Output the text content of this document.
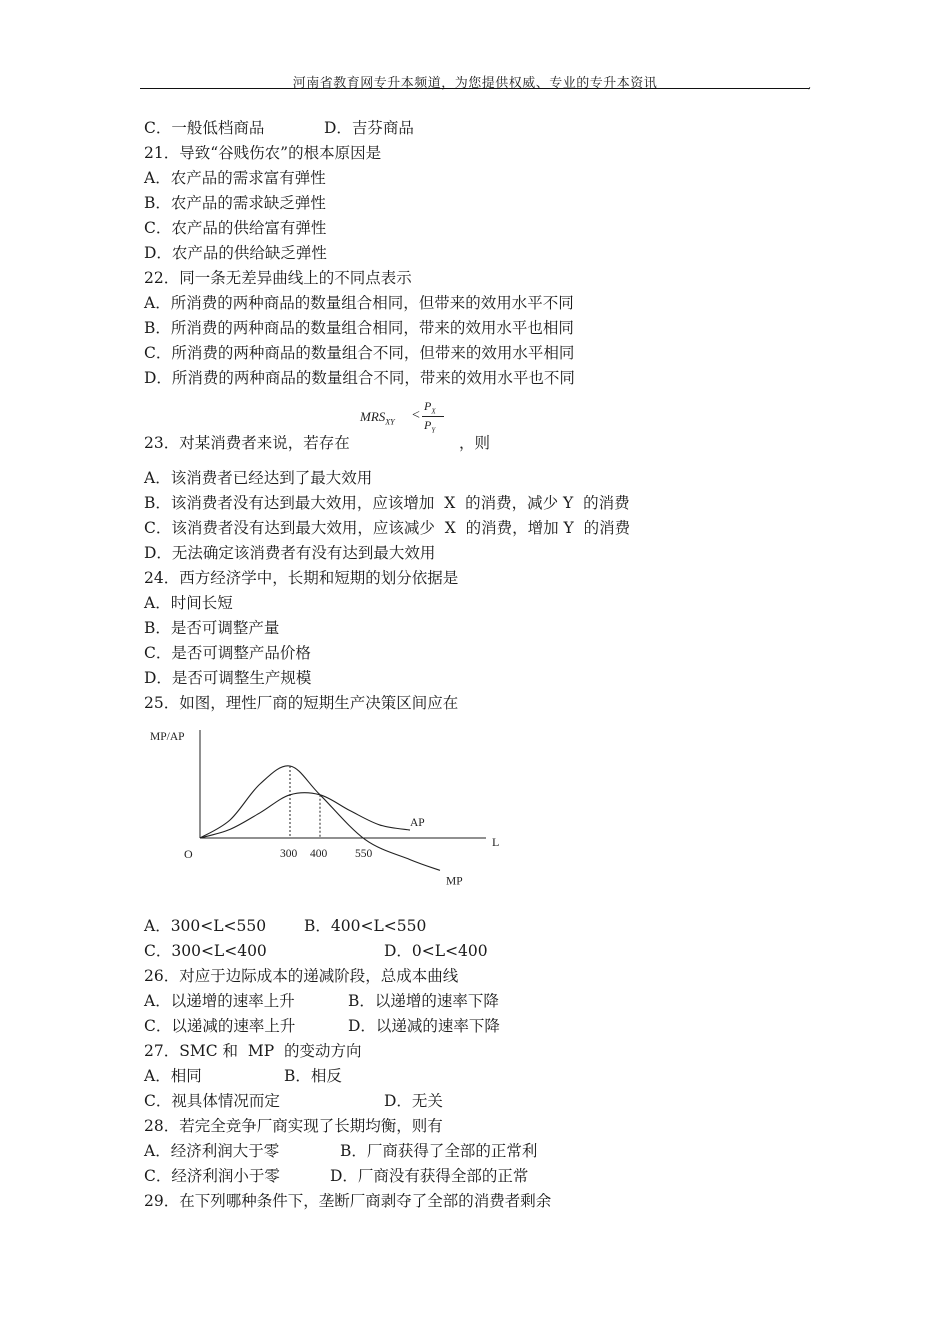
河南省教育网专升本频道，为您提供权威、专业的专升本资讯	,
C．一般低档商品	D．吉芬商品
21．导致“谷贱伤农”的根本原因是
A．农产品的需求富有弹性
B．农产品的需求缺乏弹性
C．农产品的供给富有弹性
D．农产品的供给缺乏弹性
22．同一条无差异曲线上的不同点表示
A．所消费的两种商品的数量组合相同，但带来的效用水平不同
B．所消费的两种商品的数量组合相同，带来的效用水平也相同
C．所消费的两种商品的数量组合不同，但带来的效用水平相同
D．所消费的两种商品的数量组合不同，带来的效用水平也不同
23．对某消费者来说，若存在	，则
A．该消费者已经达到了最大效用
B．该消费者没有达到最大效用，应该增加  X  的消费，减少 Y  的消费
C．该消费者没有达到最大效用，应该减少  X  的消费，增加 Y  的消费
D．无法确定该消费者有没有达到最大效用
24．西方经济学中，长期和短期的划分依据是
A．时间长短
B．是否可调整产量
C．是否可调整产品价格
D．是否可调整生产规模
25．如图，理性厂商的短期生产决策区间应在
A．300<L<550 B．400<L<550
C．300<L<400	D．0<L<400
26．对应于边际成本的递减阶段，总成本曲线
A．以递增的速率上升	B．以递增的速率下降
C．以递减的速率上升	D．以递减的速率下降
27．SMC 和  MP  的变动方向
A．相同	B．相反
C．视具体情况而定	D．无关
28．若完全竞争厂商实现了长期均衡，则有
A．经济利润大于零	B．厂商获得了全部的正常利
C．经济利润小于零	D．厂商没有获得全部的正常
29．在下列哪种条件下，垄断厂商剥夺了全部的消费者剩余
$MRS_{XY}$ <
$P_X$
$P_Y$
MP/AP
L
O	300 400 550
MP
AP
